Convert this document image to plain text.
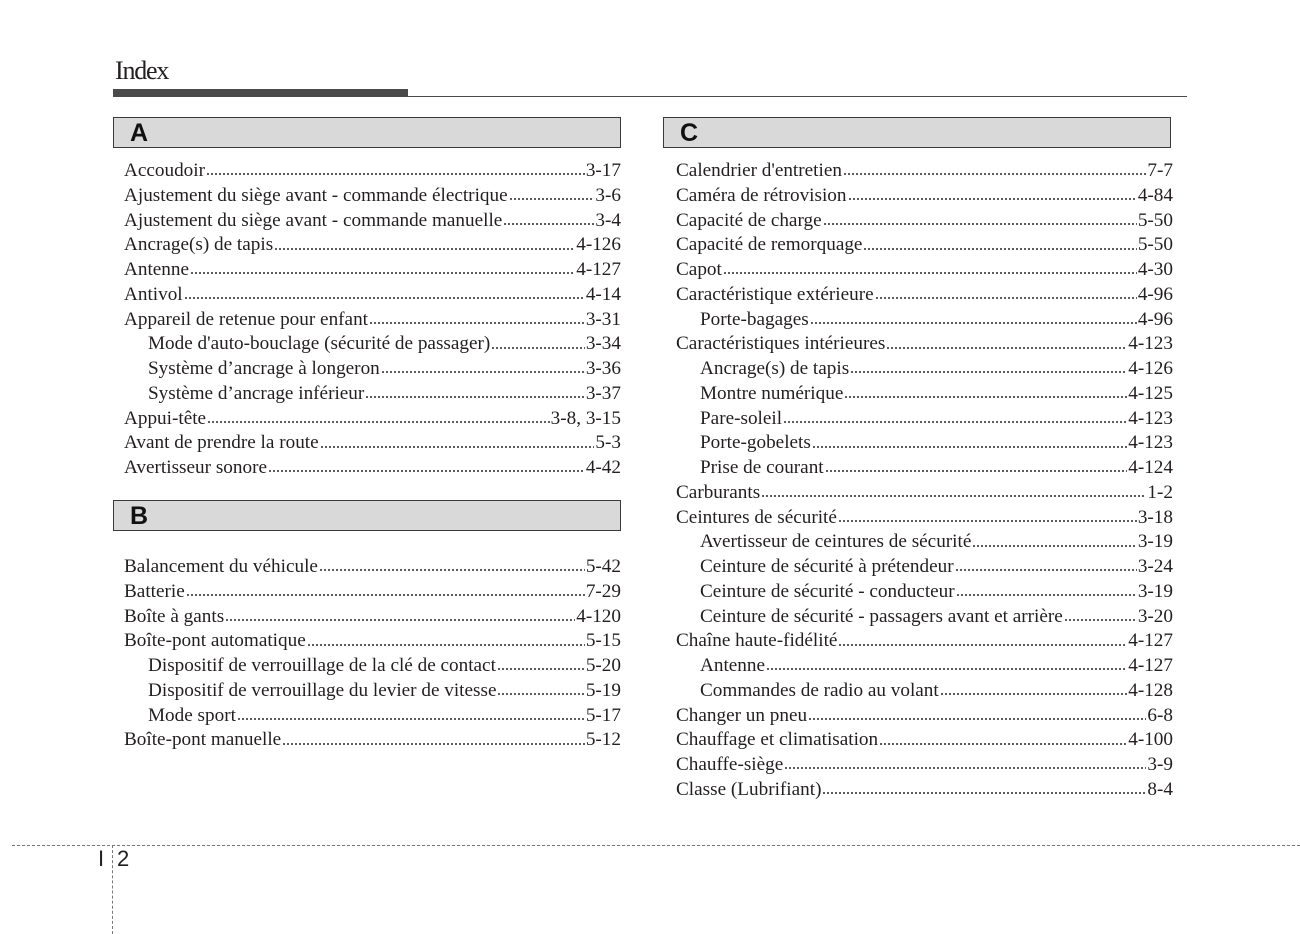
Index
A
Accoudoir	3-17
Ajustement du siège avant - commande électrique	3-6
Ajustement du siège avant - commande manuelle	3-4
Ancrage(s) de tapis	4-126
Antenne	4-127
Antivol	4-14
Appareil de retenue pour enfant	3-31
Mode d'auto-bouclage (sécurité de passager)	3-34
Système d’ancrage à longeron	3-36
Système d’ancrage inférieur	3-37
Appui-tête	3-8, 3-15
Avant de prendre la route	5-3
Avertisseur sonore	4-42
B
Balancement du véhicule	5-42
Batterie	7-29
Boîte à gants	4-120
Boîte-pont automatique	5-15
Dispositif de verrouillage de la clé de contact	5-20
Dispositif de verrouillage du levier de vitesse	5-19
Mode sport	5-17
Boîte-pont manuelle	5-12
C
Calendrier d'entretien	7-7
Caméra de rétrovision	4-84
Capacité de charge	5-50
Capacité de remorquage	5-50
Capot	4-30
Caractéristique extérieure	4-96
Porte-bagages	4-96
Caractéristiques intérieures	4-123
Ancrage(s) de tapis	4-126
Montre numérique	4-125
Pare-soleil	4-123
Porte-gobelets	4-123
Prise de courant	4-124
Carburants	1-2
Ceintures de sécurité	3-18
Avertisseur de ceintures de sécurité	3-19
Ceinture de sécurité à prétendeur	3-24
Ceinture de sécurité - conducteur	3-19
Ceinture de sécurité - passagers avant et arrière	3-20
Chaîne haute-fidélité	4-127
Antenne	4-127
Commandes de radio au volant	4-128
Changer un pneu	6-8
Chauffage et climatisation	4-100
Chauffe-siège	3-9
Classe (Lubrifiant)	8-4
I 2
